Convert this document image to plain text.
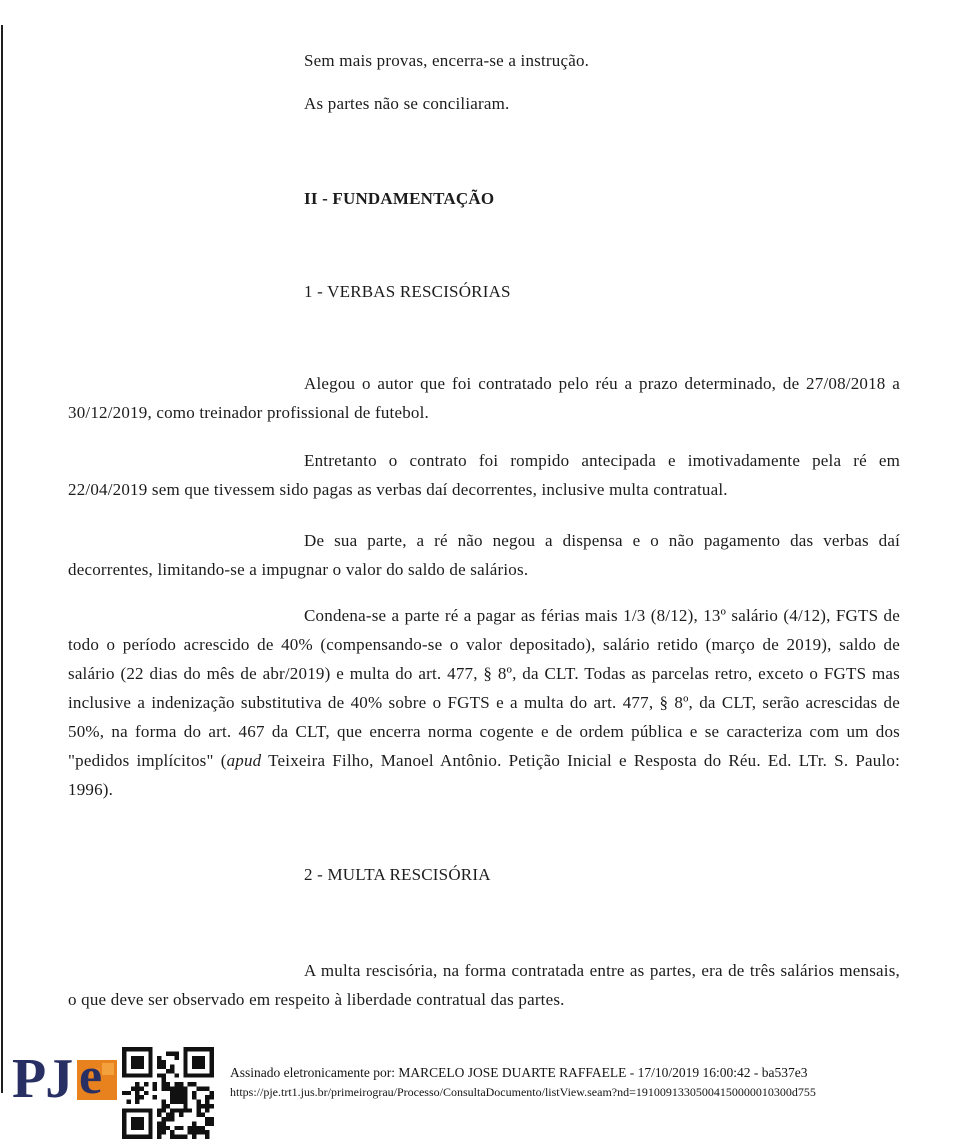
Sem mais provas, encerra-se a instrução.

As partes não se conciliaram.

II - FUNDAMENTAÇÃO

1 - VERBAS RESCISÓRIAS

Alegou o autor que foi contratado pelo réu a prazo determinado, de 27/08/2018 a 30/12/2019, como treinador profissional de futebol.

Entretanto o contrato foi rompido antecipada e imotivadamente pela ré em 22/04/2019 sem que tivessem sido pagas as verbas daí decorrentes, inclusive multa contratual.

De sua parte, a ré não negou a dispensa e o não pagamento das verbas daí decorrentes, limitando-se a impugnar o valor do saldo de salários.

Condena-se a parte ré a pagar as férias mais 1/3 (8/12), 13º salário (4/12), FGTS de todo o período acrescido de 40% (compensando-se o valor depositado), salário retido (março de 2019), saldo de salário (22 dias do mês de abr/2019) e multa do art. 477, § 8º, da CLT. Todas as parcelas retro, exceto o FGTS mas inclusive a indenização substitutiva de 40% sobre o FGTS e a multa do art. 477, § 8º, da CLT, serão acrescidas de 50%, na forma do art. 467 da CLT, que encerra norma cogente e de ordem pública e se caracteriza com um dos "pedidos implícitos" (apud Teixeira Filho, Manoel Antônio. Petição Inicial e Resposta do Réu. Ed. LTr. S. Paulo: 1996).

2 - MULTA RESCISÓRIA

A multa rescisória, na forma contratada entre as partes, era de três salários mensais, o que deve ser observado em respeito à liberdade contratual das partes.

PJ e	Assinado eletronicamente por: MARCELO JOSE DUARTE RAFFAELE - 17/10/2019 16:00:42 - ba537e3

https://pje.trt1.jus.br/primeirograu/Processo/ConsultaDocumento/listView.seam?nd=19100913305004150000010300d755
